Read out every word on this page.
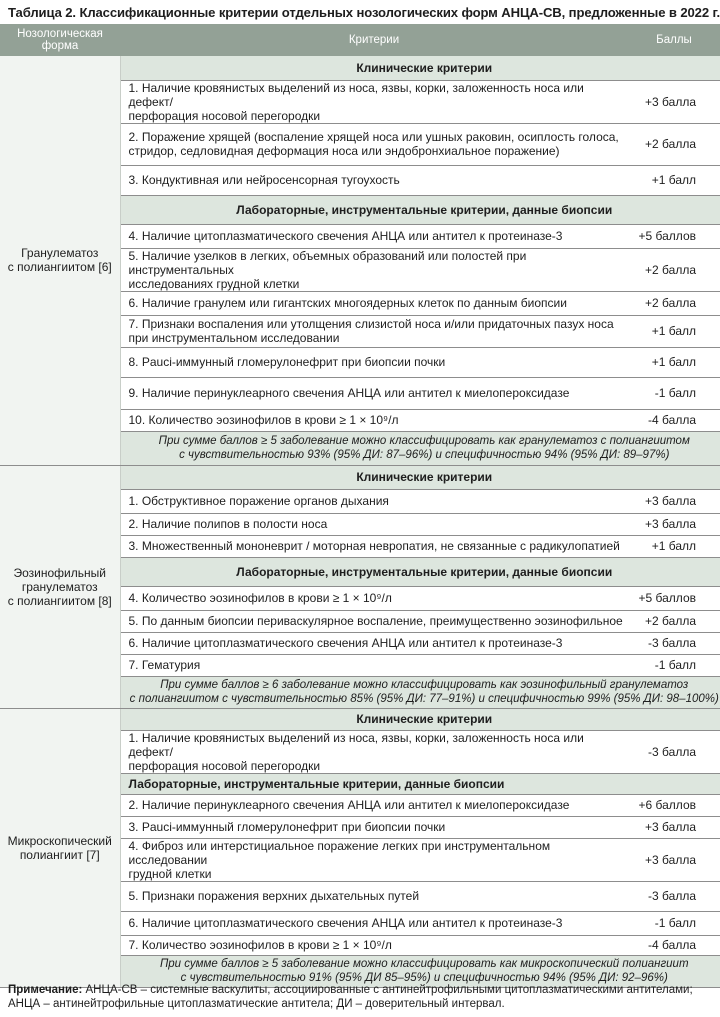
Таблица 2. Классификационные критерии отдельных нозологических форм АНЦА-СВ, предложенные в 2022 г.
Нозологическая
форма	Критерии	Баллы
Гранулематоз
с полиангиитом [6]	Клинические критерии	
	1. Наличие кровянистых выделений из носа, язвы, корки, заложенность носа или дефект/
перфорация носовой перегородки	+3 балла
	2. Поражение хрящей (воспаление хрящей носа или ушных раковин, осиплость голоса,
стридор, седловидная деформация носа или эндобронхиальное поражение)	+2 балла
	3. Кондуктивная или нейросенсорная тугоухость	+1 балл
	Лабораторные, инструментальные критерии, данные биопсии	
	4. Наличие цитоплазматического свечения АНЦА или антител к протеиназе-3	+5 баллов
	5. Наличие узелков в легких, объемных образований или полостей при инструментальных
исследованиях грудной клетки	+2 балла
	6. Наличие гранулем или гигантских многоядерных клеток по данным биопсии	+2 балла
	7. Признаки воспаления или утолщения слизистой носа и/или придаточных пазух носа
при инструментальном исследовании	+1 балл
	8. Pauci-иммунный гломерулонефрит при биопсии почки	+1 балл
	9. Наличие перинуклеарного свечения АНЦА или антител к миелопероксидазе	-1 балл
	10. Количество эозинофилов в крови ≥ 1 × 10⁹/л	-4 балла

	При сумме баллов ≥ 5 заболевание можно классифицировать как гранулематоз с полиангиитом
с чувствительностью 93% (95% ДИ: 87–96%) и специфичностью 94% (95% ДИ: 89–97%)	

Эозинофильный
гранулематоз
с полиангиитом [8]	Клинические критерии	
	1. Обструктивное поражение органов дыхания	+3 балла
	2. Наличие полипов в полости носа	+3 балла
	3. Множественный мононеврит / моторная невропатия, не связанные с радикулопатией	+1 балл
	Лабораторные, инструментальные критерии, данные биопсии	
	4. Количество эозинофилов в крови ≥ 1 × 10⁹/л	+5 баллов
	5. По данным биопсии периваскулярное воспаление, преимущественно эозинофильное	+2 балла
	6. Наличие цитоплазматического свечения АНЦА или антител к протеиназе-3	-3 балла
	7. Гематурия	-1 балл

	При сумме баллов ≥ 6 заболевание можно классифицировать как эозинофильный гранулематоз
с полиангиитом с чувствительностью 85% (95% ДИ: 77–91%) и специфичностью 99% (95% ДИ: 98–100%)	

Микроскопический
полиангиит [7]	Клинические критерии	
	1. Наличие кровянистых выделений из носа, язвы, корки, заложенность носа или дефект/
перфорация носовой перегородки	-3 балла
	Лабораторные, инструментальные критерии, данные биопсии	
	2. Наличие перинуклеарного свечения АНЦА или антител к миелопероксидазе	+6 баллов
	3. Pauci-иммунный гломерулонефрит при биопсии почки	+3 балла
	4. Фиброз или интерстициальное поражение легких при инструментальном исследовании
грудной клетки	+3 балла
	5. Признаки поражения верхних дыхательных путей	-3 балла
	6. Наличие цитоплазматического свечения АНЦА или антител к протеиназе-3	-1 балл
	7. Количество эозинофилов в крови ≥ 1 × 10⁹/л	-4 балла

	При сумме баллов ≥ 5 заболевание можно классифицировать как микроскопический полиангиит
с чувствительностью 91% (95% ДИ 85–95%) и специфичностью 94% (95% ДИ: 92–96%)	
Примечание: АНЦА-СВ – системные васкулиты, ассоциированные с антинейтрофильными цитоплазматическими антителами;
АНЦА – антинейтрофильные цитоплазматические антитела; ДИ – доверительный интервал.
